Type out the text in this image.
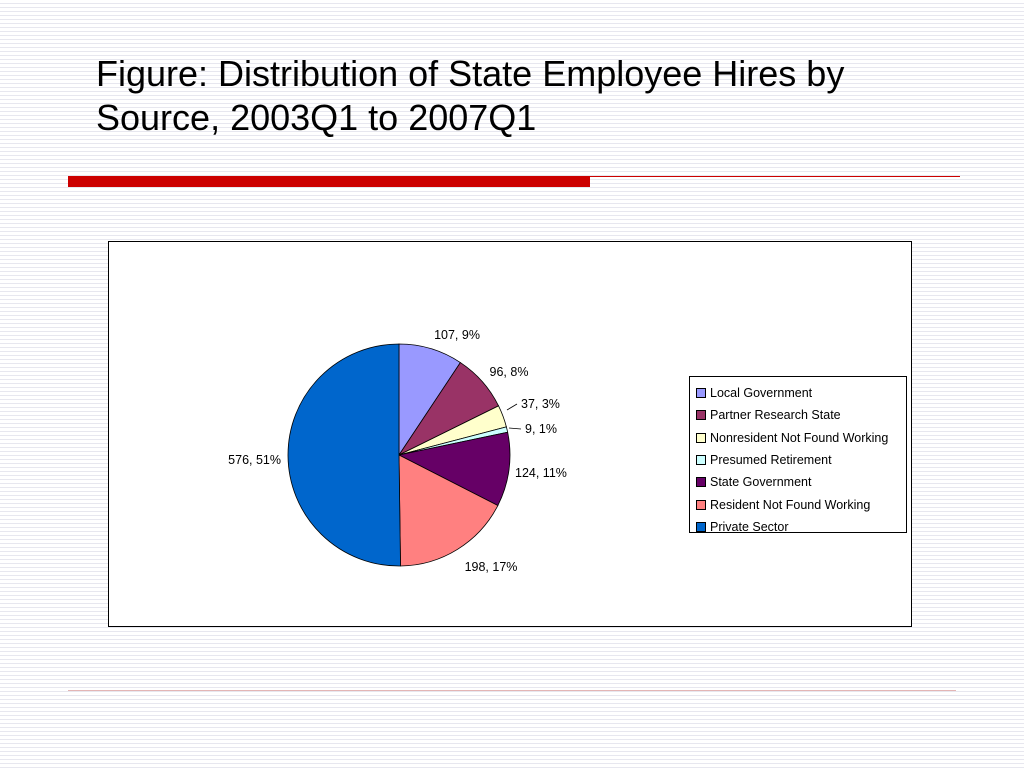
Figure: Distribution of State Employee Hires by
Source, 2003Q1 to 2007Q1
107, 9%
96, 8%
37, 3%
9, 1%
124, 11%
198, 17%
576, 51%
Local Government
Partner Research State
Nonresident Not Found Working
Presumed Retirement
State Government
Resident Not Found Working
Private Sector
